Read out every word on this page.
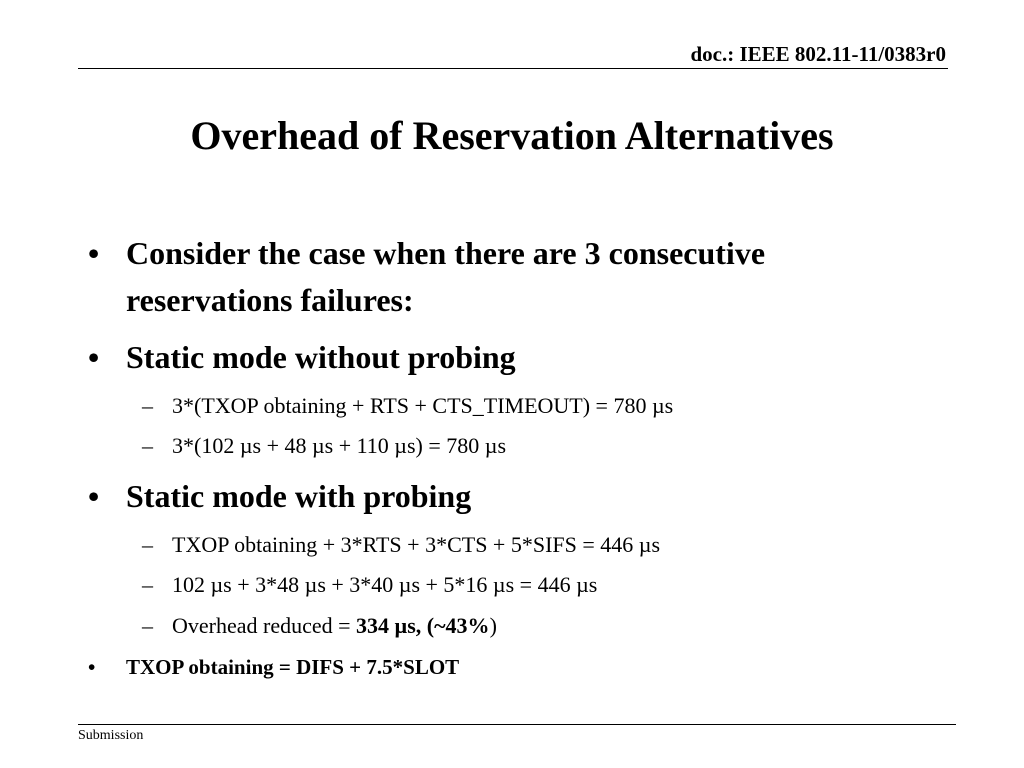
doc.: IEEE 802.11-11/0383r0
Overhead of Reservation Alternatives
• Consider the case when there are 3 consecutive
reservations failures:
• Static mode without probing
– 3*(TXOP obtaining + RTS + CTS_TIMEOUT) = 780 µs
– 3*(102 µs + 48 µs + 110 µs) = 780 µs
• Static mode with probing
– TXOP obtaining + 3*RTS + 3*CTS + 5*SIFS = 446 µs
– 102 µs + 3*48 µs + 3*40 µs + 5*16 µs = 446 µs
– Overhead reduced = 334 µs, (~43%)
• TXOP obtaining = DIFS + 7.5*SLOT
Submission
